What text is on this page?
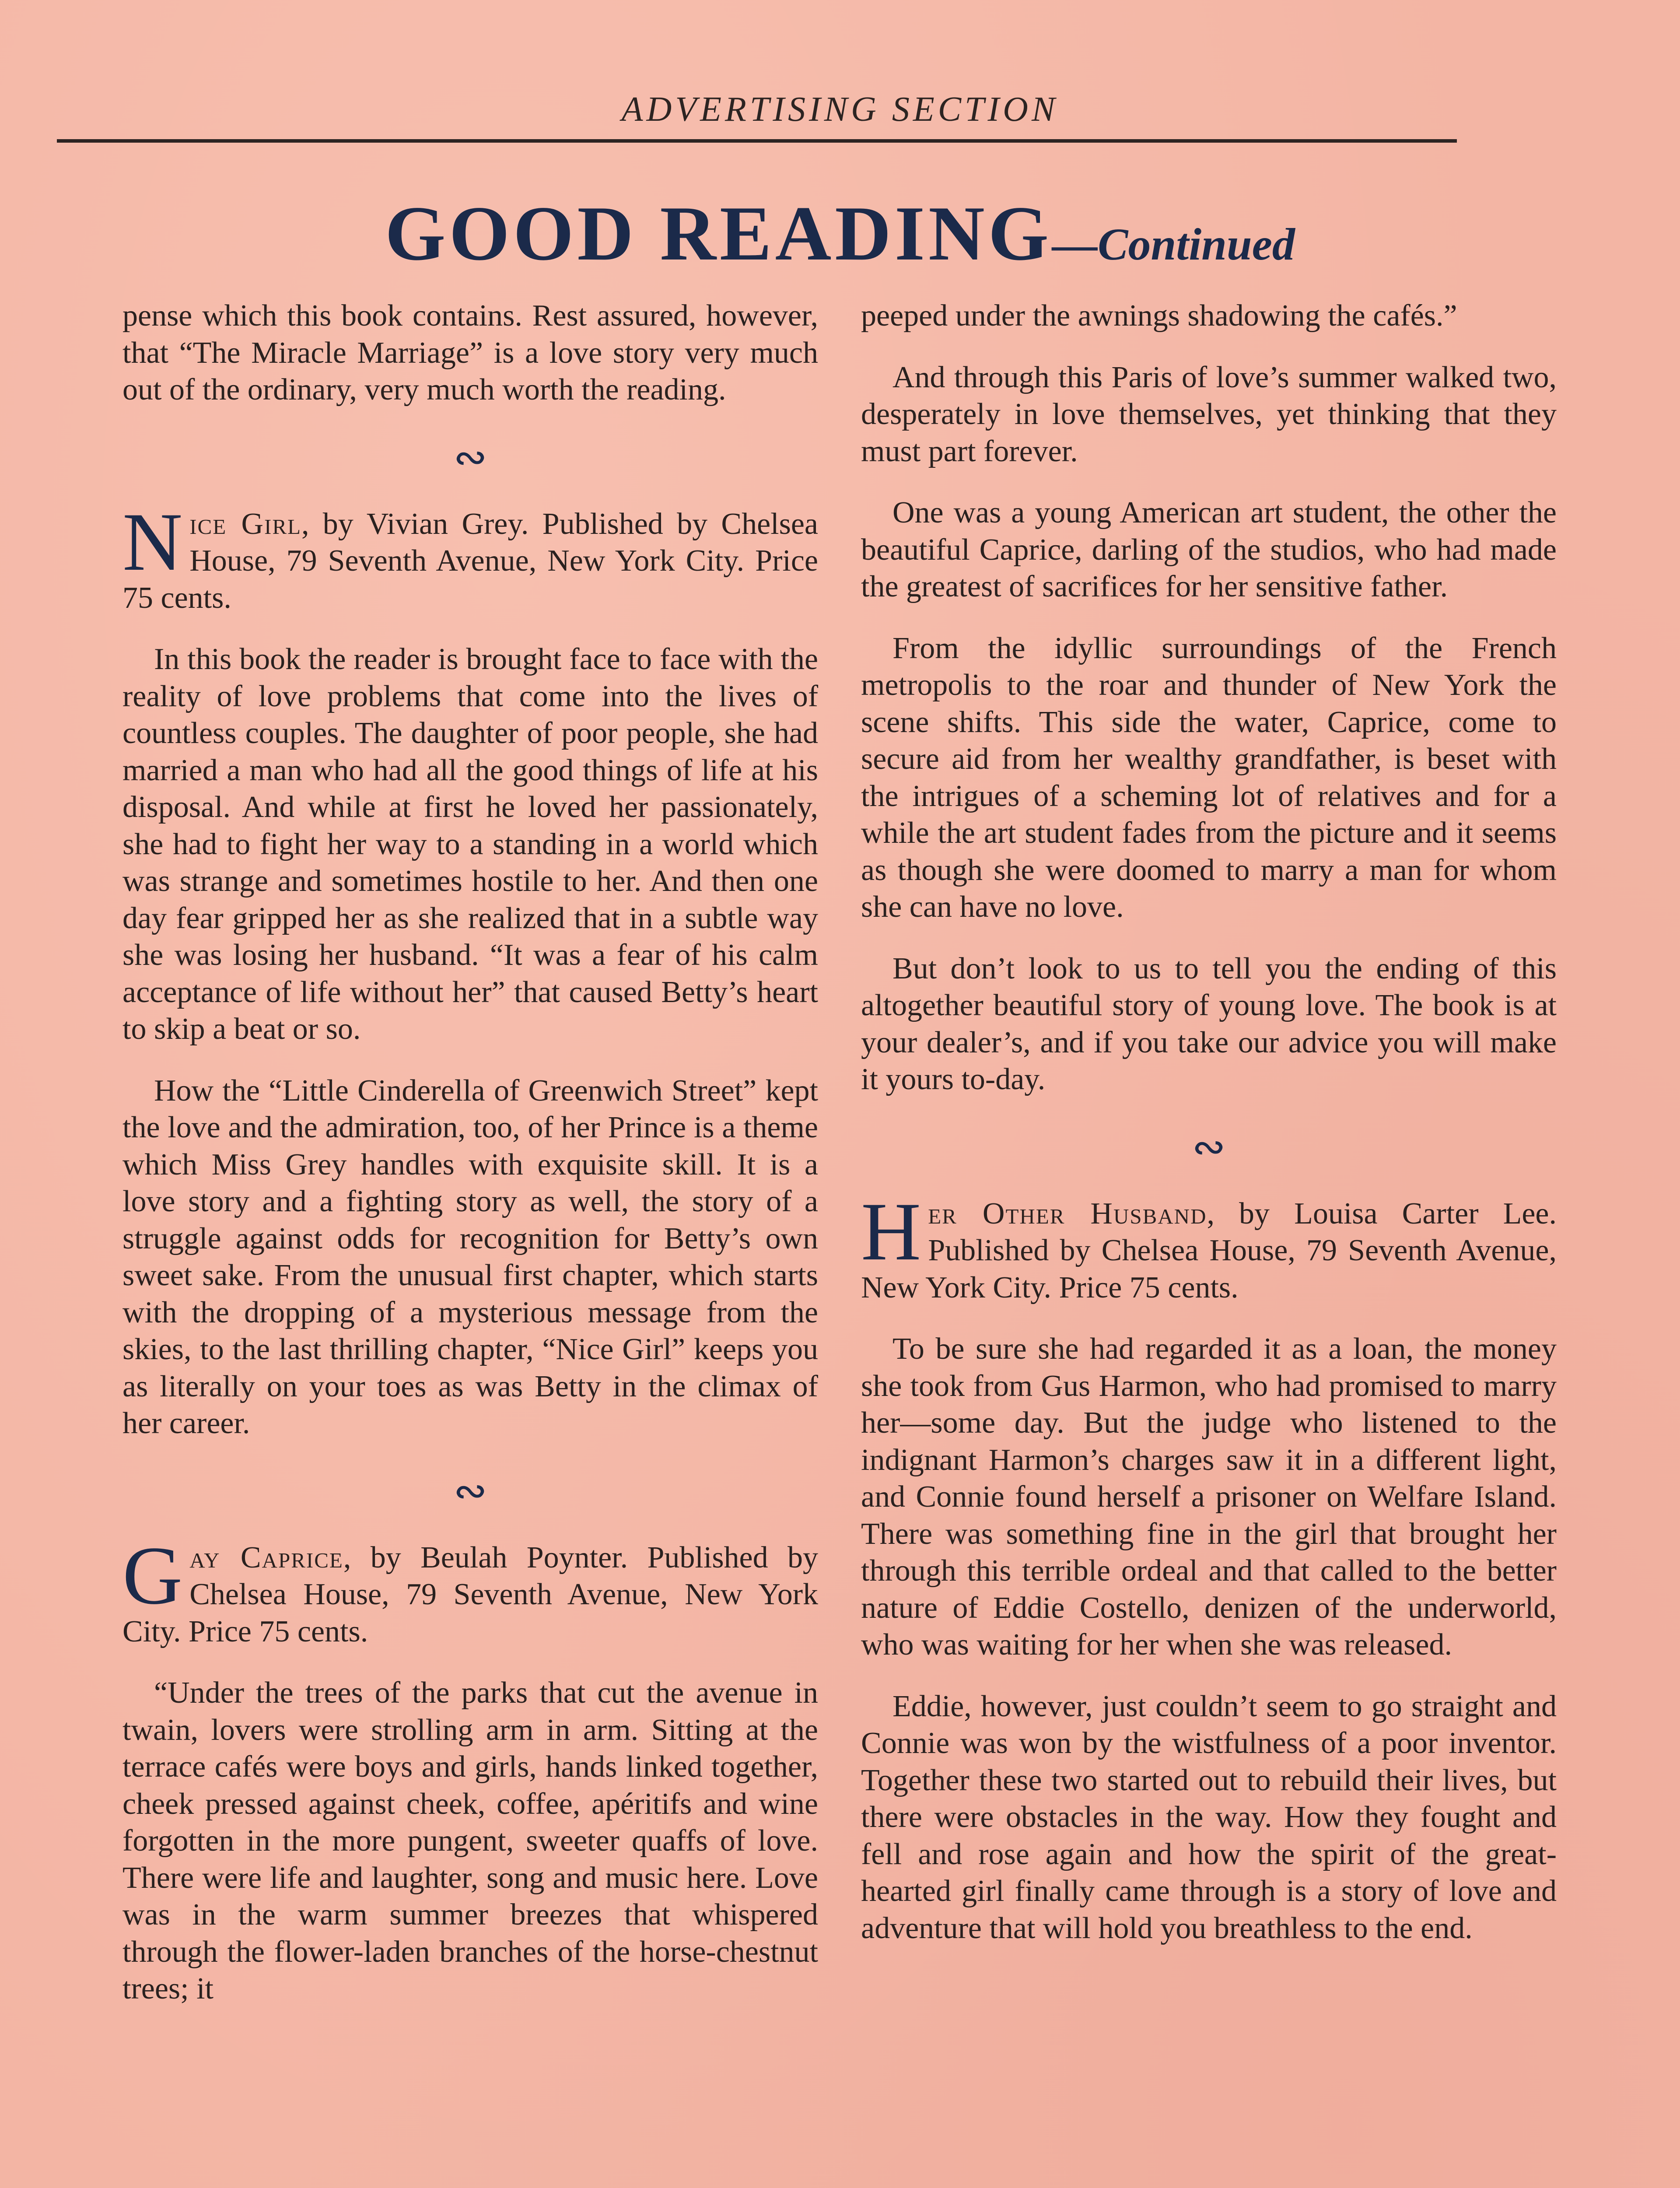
ADVERTISING SECTION
GOOD READING—Continued

pense which this book contains. Rest assured, however, that “The Miracle Marriage” is a love story very much out of the ordinary, very much worth the reading.

∾

Nice Girl, by Vivian Grey. Published by Chelsea House, 79 Seventh Avenue, New York City. Price 75 cents.

In this book the reader is brought face to face with the reality of love problems that come into the lives of countless couples. The daughter of poor people, she had married a man who had all the good things of life at his disposal. And while at first he loved her passionately, she had to fight her way to a standing in a world which was strange and sometimes hostile to her. And then one day fear gripped her as she realized that in a subtle way she was losing her husband. “It was a fear of his calm acceptance of life without her” that caused Betty’s heart to skip a beat or so.

How the “Little Cinderella of Greenwich Street” kept the love and the admiration, too, of her Prince is a theme which Miss Grey handles with exquisite skill. It is a love story and a fighting story as well, the story of a struggle against odds for recognition for Betty’s own sweet sake. From the unusual first chapter, which starts with the dropping of a mysterious message from the skies, to the last thrilling chapter, “Nice Girl” keeps you as literally on your toes as was Betty in the climax of her career.

∾

Gay Caprice, by Beulah Poynter. Published by Chelsea House, 79 Seventh Avenue, New York City. Price 75 cents.

“Under the trees of the parks that cut the avenue in twain, lovers were strolling arm in arm. Sitting at the terrace cafés were boys and girls, hands linked together, cheek pressed against cheek, coffee, apéritifs and wine forgotten in the more pungent, sweeter quaffs of love. There were life and laughter, song and music here. Love was in the warm summer breezes that whispered through the flower-laden branches of the horse-chestnut trees; it

peeped under the awnings shadowing the cafés.”

And through this Paris of love’s summer walked two, desperately in love themselves, yet thinking that they must part forever.

One was a young American art student, the other the beautiful Caprice, darling of the studios, who had made the greatest of sacrifices for her sensitive father.

From the idyllic surroundings of the French metropolis to the roar and thunder of New York the scene shifts. This side the water, Caprice, come to secure aid from her wealthy grandfather, is beset with the intrigues of a scheming lot of relatives and for a while the art student fades from the picture and it seems as though she were doomed to marry a man for whom she can have no love.

But don’t look to us to tell you the ending of this altogether beautiful story of young love. The book is at your dealer’s, and if you take our advice you will make it yours to-day.

∾

Her Other Husband, by Louisa Carter Lee. Published by Chelsea House, 79 Seventh Avenue, New York City. Price 75 cents.

To be sure she had regarded it as a loan, the money she took from Gus Harmon, who had promised to marry her—some day. But the judge who listened to the indignant Harmon’s charges saw it in a different light, and Connie found herself a prisoner on Welfare Island. There was something fine in the girl that brought her through this terrible ordeal and that called to the better nature of Eddie Costello, denizen of the underworld, who was waiting for her when she was released.

Eddie, however, just couldn’t seem to go straight and Connie was won by the wistfulness of a poor inventor. Together these two started out to rebuild their lives, but there were obstacles in the way. How they fought and fell and rose again and how the spirit of the great-hearted girl finally came through is a story of love and adventure that will hold you breathless to the end.
